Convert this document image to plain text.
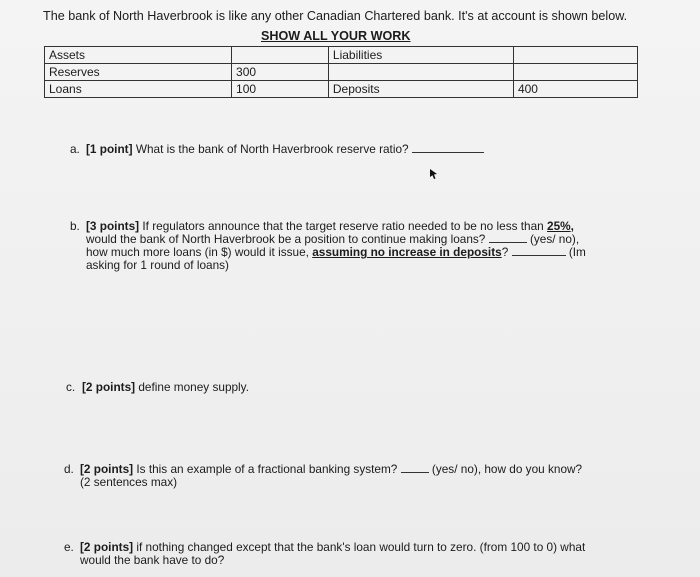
The bank of North Haverbrook is like any other Canadian Chartered bank. It's at account is shown below.
SHOW ALL YOUR WORK
Assets		Liabilities	
Reserves	300		
Loans	100	Deposits	400
a. [1 point] What is the bank of North Haverbrook reserve ratio?
b. [3 points] If regulators announce that the target reserve ratio needed to be no less than 25%,
would the bank of North Haverbrook be a position to continue making loans?	(yes/ no),
how much more loans (in $) would it issue, assuming no increase in deposits?	(Im
asking for 1 round of loans)
c. [2 points] define money supply.
d. [2 points] Is this an example of a fractional banking system?	(yes/ no), how do you know?
(2 sentences max)
e. [2 points] if nothing changed except that the bank's loan would turn to zero. (from 100 to 0) what
would the bank have to do?
